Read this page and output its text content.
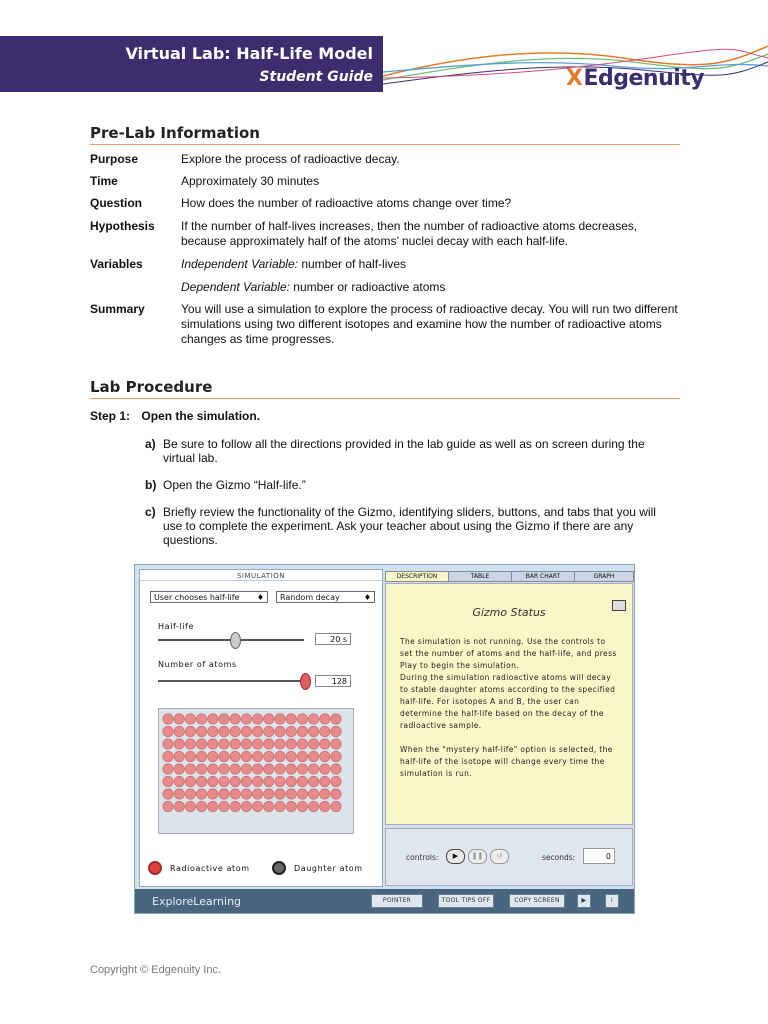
Virtual Lab: Half-Life Model
Student Guide	XEdgenuity
Pre-Lab Information
Purpose	Explore the process of radioactive decay.
Time	Approximately 30 minutes
Question	How does the number of radioactive atoms change over time?
Hypothesis If the number of half-lives increases, then the number of radioactive atoms decreases, because approximately half of the atoms’ nuclei decay with each half-life.
Variables	Independent Variable: number of half-lives
Dependent Variable: number or radioactive atoms
Summary	You will use a simulation to explore the process of radioactive decay. You will run two different simulations using two different isotopes and examine how the number of radioactive atoms changes as time progresses.
Lab Procedure
Step 1: Open the simulation.
a) Be sure to follow all the directions provided in the lab guide as well as on screen during the virtual lab.
b) Open the Gizmo “Half-life.”
c) Briefly review the functionality of the Gizmo, identifying sliders, buttons, and tabs that you will use to complete the experiment. Ask your teacher about using the Gizmo if there are any questions.
SIMULATION
User chooses half-life ♦	Random decay	♦
Half-life
20 s
Number of atoms
128
Radioactive atom	Daughter atom
DESCRIPTION	TABLE	BAR CHART	GRAPH
Gizmo Status
The simulation is not running. Use the controls to set the number of atoms and the half-life, and press Play to begin the simulation.
During the simulation radioactive atoms will decay to stable daughter atoms according to the specified half-life. For isotopes A and B, the user can determine the half-life based on the decay of the radioactive sample.
When the "mystery half-life" option is selected, the half-life of the isotope will change every time the simulation is run.
controls:	▶	❚❚	↺	seconds:	0
ExploreLearning	POINTER	TOOL TIPS OFF	COPY SCREEN	▶	i
Copyright © Edgenuity Inc.
